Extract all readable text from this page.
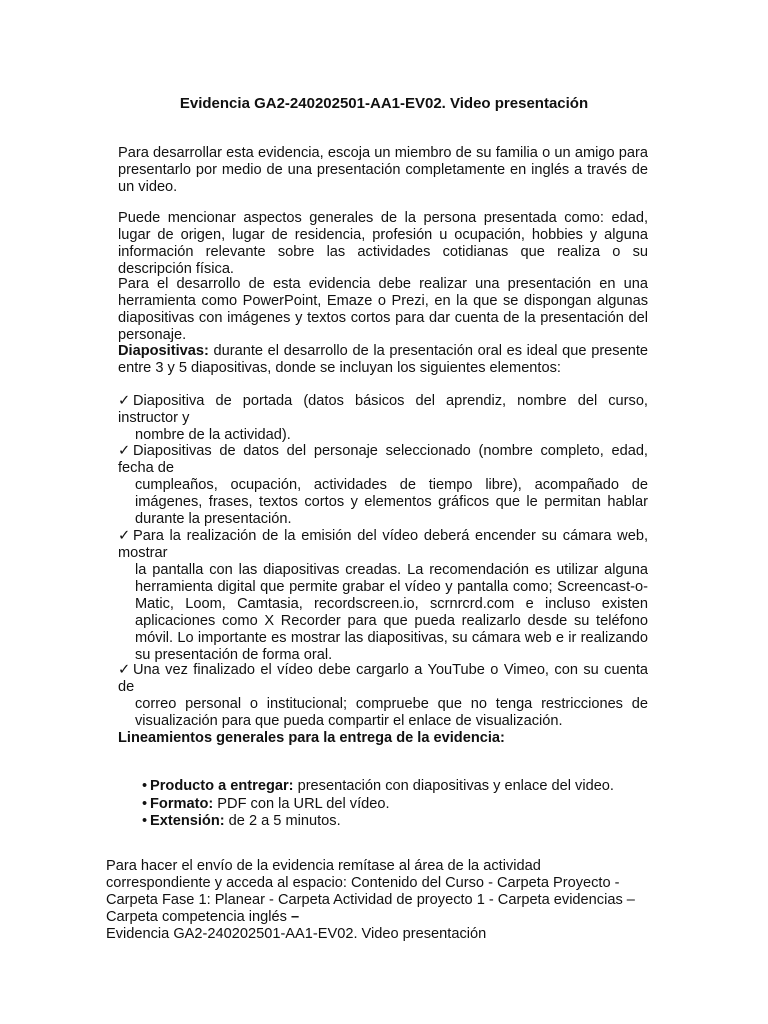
Evidencia GA2-240202501-AA1-EV02. Video presentación
Para desarrollar esta evidencia, escoja un miembro de su familia o un amigo para presentarlo por medio de una presentación completamente en inglés a través de un video.
Puede mencionar aspectos generales de la persona presentada como: edad, lugar de origen, lugar de residencia, profesión u ocupación, hobbies y alguna información relevante sobre las actividades cotidianas que realiza o su descripción física.
Para el desarrollo de esta evidencia debe realizar una presentación en una herramienta como PowerPoint, Emaze o Prezi, en la que se dispongan algunas diapositivas con imágenes y textos cortos para dar cuenta de la presentación del personaje.
Diapositivas: durante el desarrollo de la presentación oral es ideal que presente entre 3 y 5 diapositivas, donde se incluyan los siguientes elementos:
✓ Diapositiva de portada (datos básicos del aprendiz, nombre del curso, instructor y
nombre de la actividad).
✓ Diapositivas de datos del personaje seleccionado (nombre completo, edad, fecha de
cumpleaños, ocupación, actividades de tiempo libre), acompañado de imágenes, frases, textos cortos y elementos gráficos que le permitan hablar durante la presentación.
✓ Para la realización de la emisión del vídeo deberá encender su cámara web, mostrar
la pantalla con las diapositivas creadas. La recomendación es utilizar alguna herramienta digital que permite grabar el vídeo y pantalla como; Screencast-o-Matic, Loom, Camtasia, recordscreen.io, scrnrcrd.com e incluso existen aplicaciones como X Recorder para que pueda realizarlo desde su teléfono móvil. Lo importante es mostrar las diapositivas, su cámara web e ir realizando su presentación de forma oral.
✓ Una vez finalizado el vídeo debe cargarlo a YouTube o Vimeo, con su cuenta de
correo personal o institucional; compruebe que no tenga restricciones de visualización para que pueda compartir el enlace de visualización.
Lineamientos generales para la entrega de la evidencia:
• Producto a entregar: presentación con diapositivas y enlace del video.
• Formato: PDF con la URL del vídeo.
• Extensión: de 2 a 5 minutos.
Para hacer el envío de la evidencia remítase al área de la actividad correspondiente y acceda al espacio: Contenido del Curso - Carpeta Proyecto - Carpeta Fase 1: Planear - Carpeta Actividad de proyecto 1 - Carpeta evidencias – Carpeta competencia inglés –
Evidencia GA2-240202501-AA1-EV02. Video presentación
